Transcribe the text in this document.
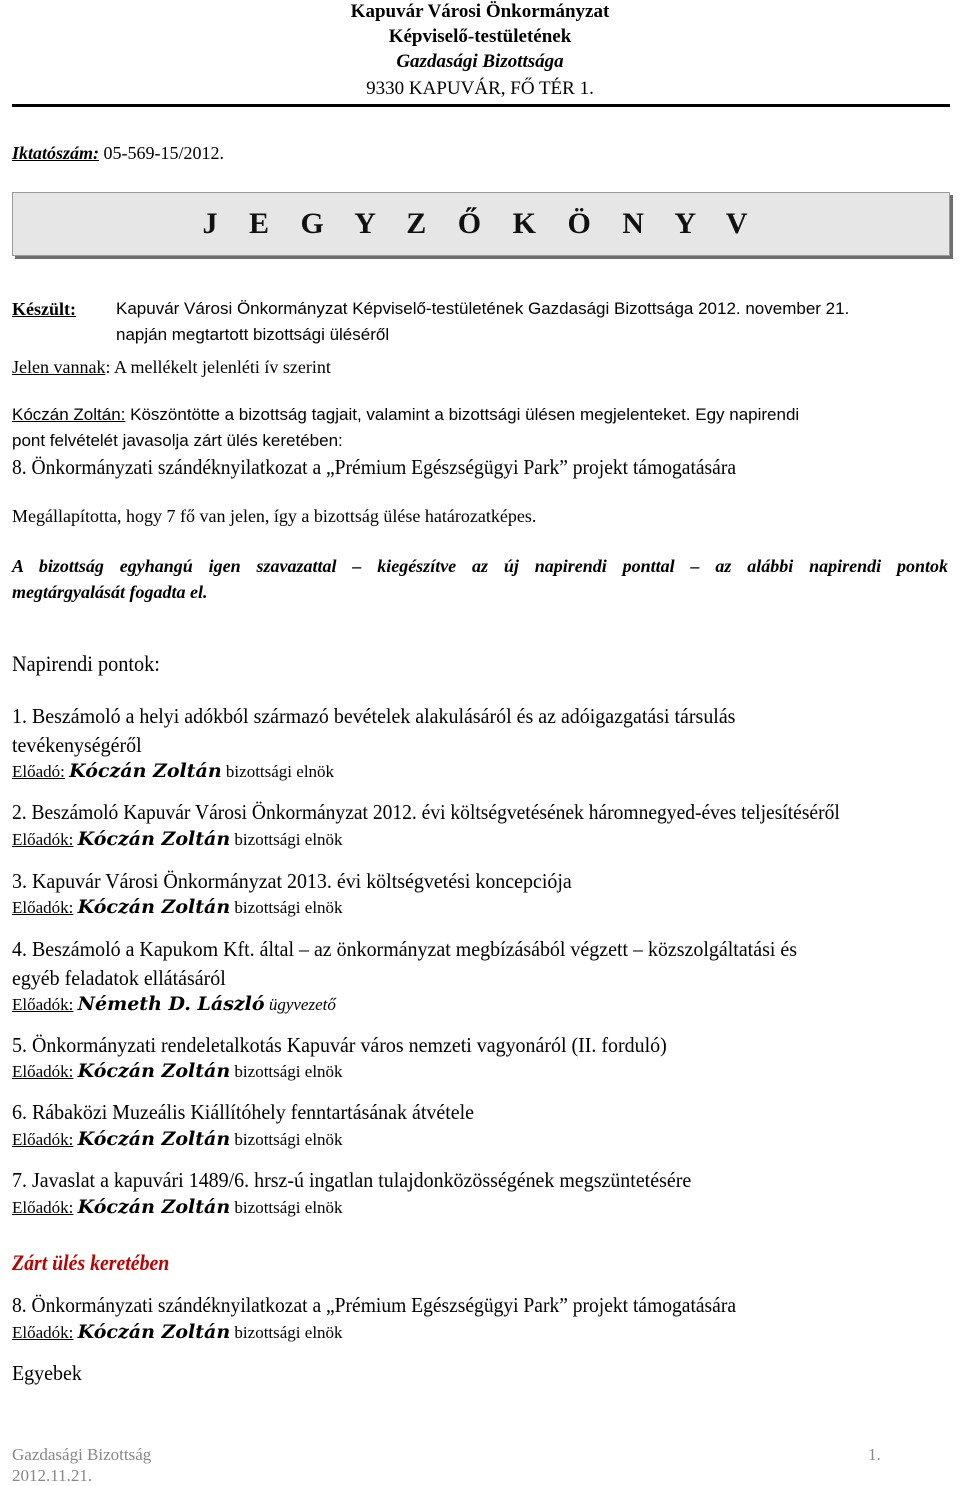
Kapuvár Városi Önkormányzat
Képviselő-testületének
Gazdasági Bizottsága
9330 KAPUVÁR, FŐ TÉR 1.
Iktatószám: 05-569-15/2012.
J E G Y Z Ő K Ö N Y V
Készült: Kapuvár Városi Önkormányzat Képviselő-testületének Gazdasági Bizottsága 2012. november 21.
napján megtartott bizottsági üléséről
Jelen vannak: A mellékelt jelenléti ív szerint
Kóczán Zoltán: Köszöntötte a bizottság tagjait, valamint a bizottsági ülésen megjelenteket. Egy napirendi
pont felvételét javasolja zárt ülés keretében:
8. Önkormányzati szándéknyilatkozat a „Prémium Egészségügyi Park” projekt támogatására
Megállapította, hogy 7 fő van jelen, így a bizottság ülése határozatképes.
A bizottság egyhangú igen szavazattal – kiegészítve az új napirendi ponttal – az alábbi napirendi pontok
megtárgyalását fogadta el.
Napirendi pontok:
1. Beszámoló a helyi adókból származó bevételek alakulásáról és az adóigazgatási társulás
tevékenységéről
Előadó: Kóczán Zoltán bizottsági elnök
2. Beszámoló Kapuvár Városi Önkormányzat 2012. évi költségvetésének háromnegyed-éves teljesítéséről
Előadók: Kóczán Zoltán bizottsági elnök
3. Kapuvár Városi Önkormányzat 2013. évi költségvetési koncepciója
Előadók: Kóczán Zoltán bizottsági elnök
4. Beszámoló a Kapukom Kft. által – az önkormányzat megbízásából végzett – közszolgáltatási és
egyéb feladatok ellátásáról
Előadók: Németh D. László ügyvezető
5. Önkormányzati rendeletalkotás Kapuvár város nemzeti vagyonáról (II. forduló)
Előadók: Kóczán Zoltán bizottsági elnök
6. Rábaközi Muzeális Kiállítóhely fenntartásának átvétele
Előadók: Kóczán Zoltán bizottsági elnök
7. Javaslat a kapuvári 1489/6. hrsz-ú ingatlan tulajdonközösségének megszüntetésére
Előadók: Kóczán Zoltán bizottsági elnök
Zárt ülés keretében
8. Önkormányzati szándéknyilatkozat a „Prémium Egészségügyi Park” projekt támogatására
Előadók: Kóczán Zoltán bizottsági elnök
Egyebek
Gazdasági Bizottság
2012.11.21.
1.
